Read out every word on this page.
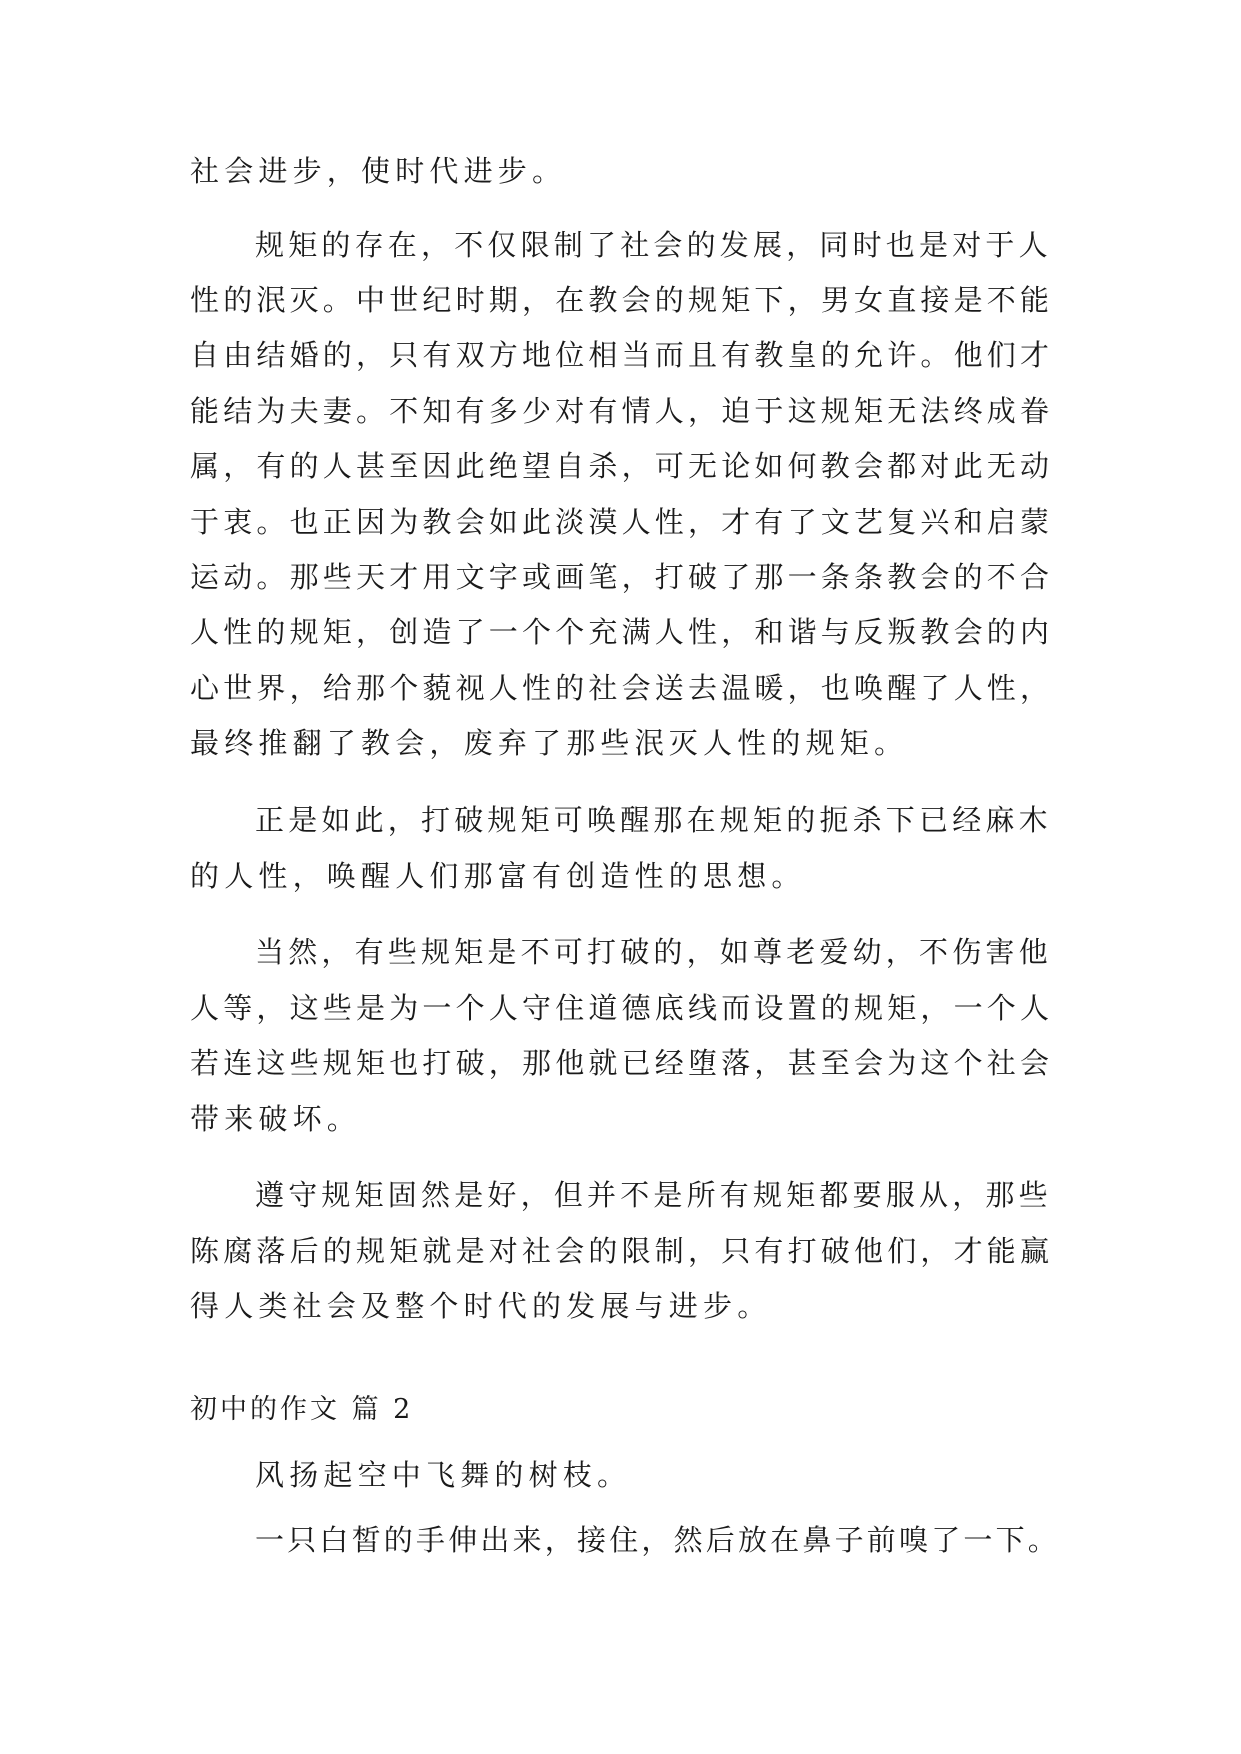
社会进步，使时代进步。
规矩的存在，不仅限制了社会的发展，同时也是对于人
性的泯灭。中世纪时期，在教会的规矩下，男女直接是不能
自由结婚的，只有双方地位相当而且有教皇的允许。他们才
能结为夫妻。不知有多少对有情人，迫于这规矩无法终成眷
属，有的人甚至因此绝望自杀，可无论如何教会都对此无动
于衷。也正因为教会如此淡漠人性，才有了文艺复兴和启蒙
运动。那些天才用文字或画笔，打破了那一条条教会的不合
人性的规矩，创造了一个个充满人性，和谐与反叛教会的内
心世界，给那个藐视人性的社会送去温暖，也唤醒了人性，
最终推翻了教会，废弃了那些泯灭人性的规矩。
正是如此，打破规矩可唤醒那在规矩的扼杀下已经麻木
的人性，唤醒人们那富有创造性的思想。
当然，有些规矩是不可打破的，如尊老爱幼，不伤害他
人等，这些是为一个人守住道德底线而设置的规矩，一个人
若连这些规矩也打破，那他就已经堕落，甚至会为这个社会
带来破坏。
遵守规矩固然是好，但并不是所有规矩都要服从，那些
陈腐落后的规矩就是对社会的限制，只有打破他们，才能赢
得人类社会及整个时代的发展与进步。
初中的作文 篇 2
风扬起空中飞舞的树枝。
一只白皙的手伸出来，接住，然后放在鼻子前嗅了一下。
